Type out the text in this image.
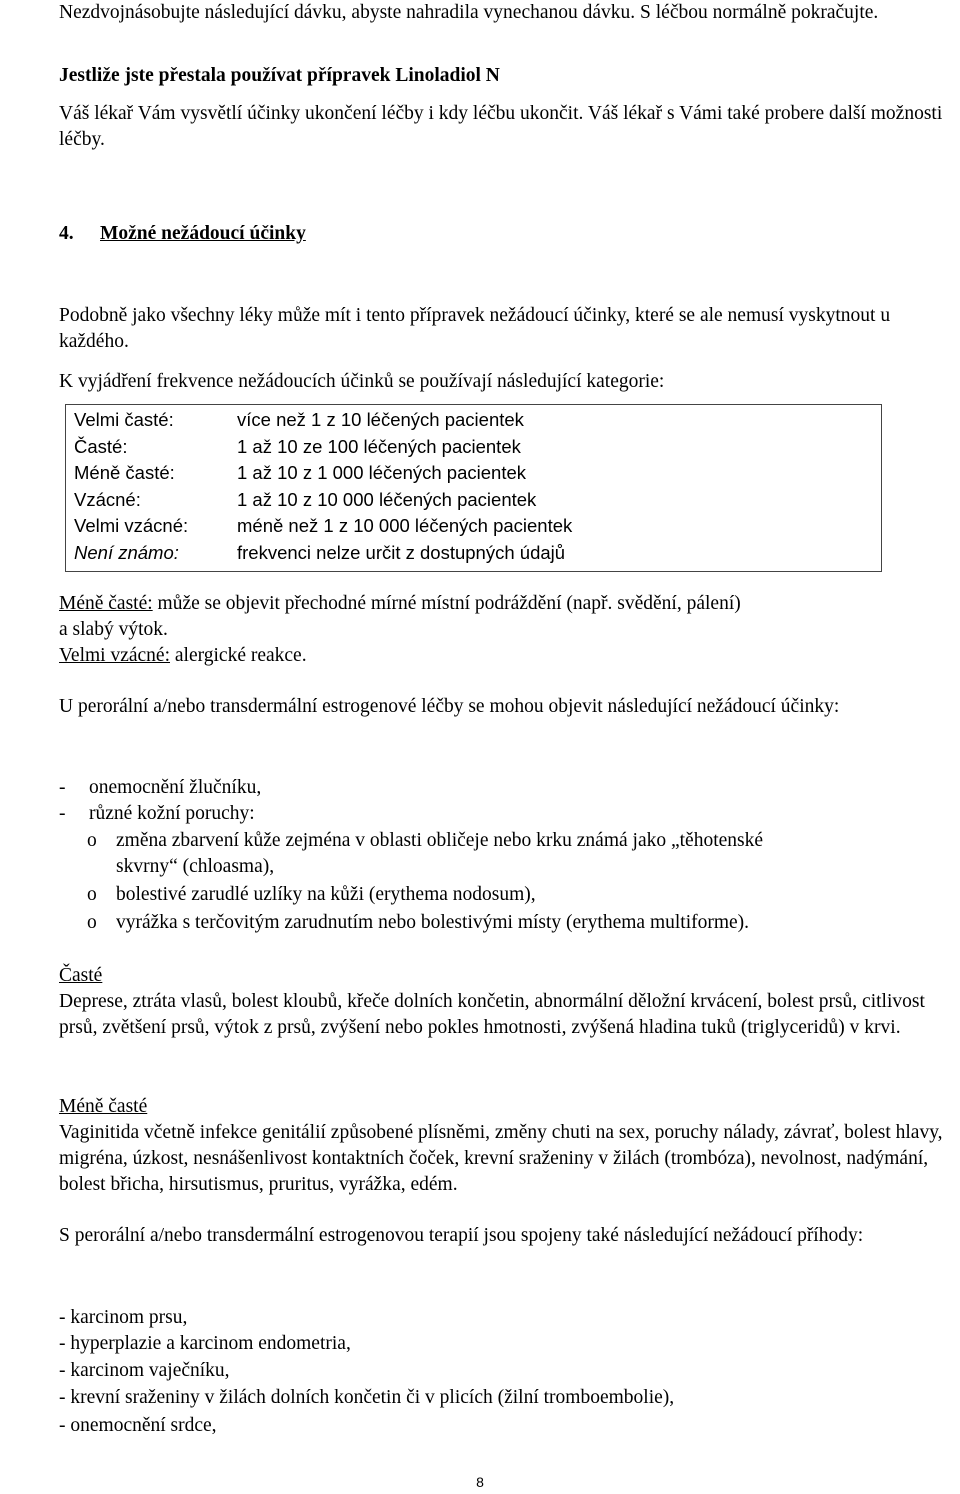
Nezdvojnásobujte následující dávku, abyste nahradila vynechanou dávku. S léčbou normálně pokračujte.

Jestliže jste přestala používat přípravek Linoladiol N

Váš lékař Vám vysvětlí účinky ukončení léčby i kdy léčbu ukončit. Váš lékař s Vámi také probere další možnosti léčby.

4. Možné nežádoucí účinky

Podobně jako všechny léky může mít i tento přípravek nežádoucí účinky, které se ale nemusí vyskytnout u každého.

K vyjádření frekvence nežádoucích účinků se používají následující kategorie:

Velmi časté:	více než 1 z 10 léčených pacientek
Časté:	1 až 10 ze 100 léčených pacientek
Méně časté:	1 až 10 z 1 000 léčených pacientek
Vzácné:	1 až 10 z 10 000 léčených pacientek
Velmi vzácné:	méně než 1 z 10 000 léčených pacientek
Není známo:	frekvenci nelze určit z dostupných údajů

Méně časté: může se objevit přechodné mírné místní podráždění (např. svědění, pálení)

a slabý výtok.

Velmi vzácné: alergické reakce.

U perorální a/nebo transdermální estrogenové léčby se mohou objevit následující nežádoucí účinky:

- onemocnění žlučníku,

- různé kožní poruchy:

o změna zbarvení kůže zejména v oblasti obličeje nebo krku známá jako „těhotenské
skvrny“ (chloasma),

o bolestivé zarudlé uzlíky na kůži (erythema nodosum),

o vyrážka s terčovitým zarudnutím nebo bolestivými místy (erythema multiforme).

Časté

Deprese, ztráta vlasů, bolest kloubů, křeče dolních končetin, abnormální děložní krvácení, bolest prsů, citlivost prsů, zvětšení prsů, výtok z prsů, zvýšení nebo pokles hmotnosti, zvýšená hladina tuků (triglyceridů) v krvi.

Méně časté

Vaginitida včetně infekce genitálií způsobené plísněmi, změny chuti na sex, poruchy nálady, závrať, bolest hlavy, migréna, úzkost, nesnášenlivost kontaktních čoček, krevní sraženiny v žilách (trombóza), nevolnost, nadýmání, bolest břicha, hirsutismus, pruritus, vyrážka, edém.

S perorální a/nebo transdermální estrogenovou terapií jsou spojeny také následující nežádoucí příhody:

- karcinom prsu,

- hyperplazie a karcinom endometria,

- karcinom vaječníku,

- krevní sraženiny v žilách dolních končetin či v plicích (žilní tromboembolie),

- onemocnění srdce,

8
